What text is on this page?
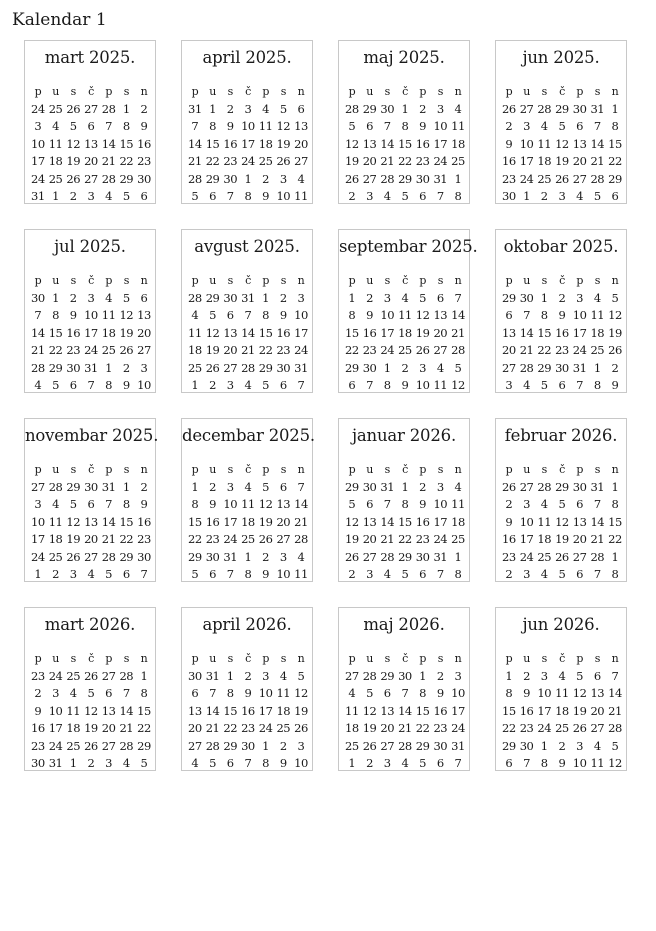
Kalendar 1
mart 2025.
p	u	s	č	p	s	n
24 25 26 27 28 1 2
3 4 5 6 7 8 9
10 11 12 13 14 15 16
17 18 19 20 21 22 23
24 25 26 27 28 29 30
31 1 2 3 4 5 6
april 2025.
p	u	s	č	p	s	n
31 1 2 3 4 5 6
7 8 9 10 11 12 13
14 15 16 17 18 19 20
21 22 23 24 25 26 27
28 29 30 1 2 3 4
5 6 7 8 9 10 11
maj 2025.
p	u	s	č	p	s	n
28 29 30 1 2 3 4
5 6 7 8 9 10 11
12 13 14 15 16 17 18
19 20 21 22 23 24 25
26 27 28 29 30 31 1
2 3 4 5 6 7 8
jun 2025.
p	u	s	č	p	s	n
26 27 28 29 30 31 1
2 3 4 5 6 7 8
9 10 11 12 13 14 15
16 17 18 19 20 21 22
23 24 25 26 27 28 29
30 1 2 3 4 5 6
jul 2025.
p	u	s	č	p	s	n
30 1 2 3 4 5 6
7 8 9 10 11 12 13
14 15 16 17 18 19 20
21 22 23 24 25 26 27
28 29 30 31 1 2 3
4 5 6 7 8 9 10
avgust 2025.
p	u	s	č	p	s	n
28 29 30 31 1 2 3
4 5 6 7 8 9 10
11 12 13 14 15 16 17
18 19 20 21 22 23 24
25 26 27 28 29 30 31
1 2 3 4 5 6 7
septembar 2025.
p	u	s	č	p	s	n
1 2 3 4 5 6 7
8 9 10 11 12 13 14
15 16 17 18 19 20 21
22 23 24 25 26 27 28
29 30 1 2 3 4 5
6 7 8 9 10 11 12
oktobar 2025.
p	u	s	č	p	s	n
29 30 1 2 3 4 5
6 7 8 9 10 11 12
13 14 15 16 17 18 19
20 21 22 23 24 25 26
27 28 29 30 31 1 2
3 4 5 6 7 8 9
novembar 2025.
p	u	s	č	p	s	n
27 28 29 30 31 1 2
3 4 5 6 7 8 9
10 11 12 13 14 15 16
17 18 19 20 21 22 23
24 25 26 27 28 29 30
1 2 3 4 5 6 7
decembar 2025.
p	u	s	č	p	s	n
1 2 3 4 5 6 7
8 9 10 11 12 13 14
15 16 17 18 19 20 21
22 23 24 25 26 27 28
29 30 31 1 2 3 4
5 6 7 8 9 10 11
januar 2026.
p	u	s	č	p	s	n
29 30 31 1 2 3 4
5 6 7 8 9 10 11
12 13 14 15 16 17 18
19 20 21 22 23 24 25
26 27 28 29 30 31 1
2 3 4 5 6 7 8
februar 2026.
p	u	s	č	p	s	n
26 27 28 29 30 31 1
2 3 4 5 6 7 8
9 10 11 12 13 14 15
16 17 18 19 20 21 22
23 24 25 26 27 28 1
2 3 4 5 6 7 8
mart 2026.
p	u	s	č	p	s	n
23 24 25 26 27 28 1
2 3 4 5 6 7 8
9 10 11 12 13 14 15
16 17 18 19 20 21 22
23 24 25 26 27 28 29
30 31 1 2 3 4 5
april 2026.
p	u	s	č	p	s	n
30 31 1 2 3 4 5
6 7 8 9 10 11 12
13 14 15 16 17 18 19
20 21 22 23 24 25 26
27 28 29 30 1 2 3
4 5 6 7 8 9 10
maj 2026.
p	u	s	č	p	s	n
27 28 29 30 1 2 3
4 5 6 7 8 9 10
11 12 13 14 15 16 17
18 19 20 21 22 23 24
25 26 27 28 29 30 31
1 2 3 4 5 6 7
jun 2026.
p	u	s	č	p	s	n
1 2 3 4 5 6 7
8 9 10 11 12 13 14
15 16 17 18 19 20 21
22 23 24 25 26 27 28
29 30 1 2 3 4 5
6 7 8 9 10 11 12
